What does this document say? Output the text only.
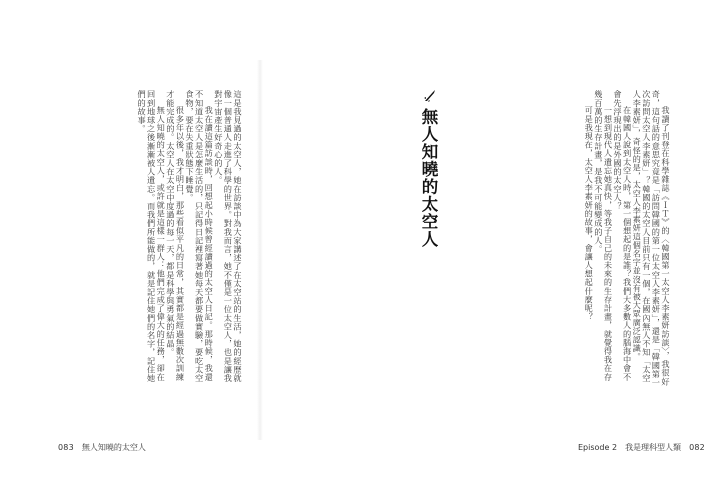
這是我見過的太空人，她在訪談中為大家講述了在太空站的生活，她的經歷就像一個普通人走進了科學的世界。對我而言，她不僅是一位太空人，也是讓我對宇宙產生好奇心的人。

我在讀這篇訪談時，回想起小時候曾經讀過的太空人日記。那時候，我還不知道太空人是怎麼生活的，只記得日記裡寫著她每天都要做實驗，要吃太空食物，要在失重狀態下睡覺。

很多年以後，我才明白，那些看似平凡的日常，其實都是經過無數次訓練才能完成的。太空人在太空中度過的每一天，都是科學與勇氣的結晶。

無人知曉的太空人，或許就是這樣一群人：他們完成了偉大的任務，卻在回到地球之後漸漸被人遺忘。而我們所能做的，就是記住她們的名字，記住她們的故事。

083 無人知曉的太空人

我讀了刊登在科學雜誌《ＩＴ》的〈韓國第一太空人李素妍訪談〉，我很好奇，這句話的意思究竟是「訪問韓國的第一位太空人李素妍」，還是「韓國第一次訪問太空人李素妍」？韓國的太空人目前只有一個，在國內無人不知「太空人李素妍」，奇怪的是，太空人李素妍這個名字並沒有被大眾廣泛認識。

在韓國人說到太空人時，第一個想起的是誰？我們大多數人的腦海中會不會先浮現出的是外國的太空人？

一想到現代人遺忘她真快，等我子自己的未來的生存計畫，就覺得我在存幾百萬的生存計畫，是我不可能變成的人。

可是我現在，太空人李素妍的故事，會讓人想起什麼呢？

Episode 2 我是理科型人類 082
無人知曉的太空人
